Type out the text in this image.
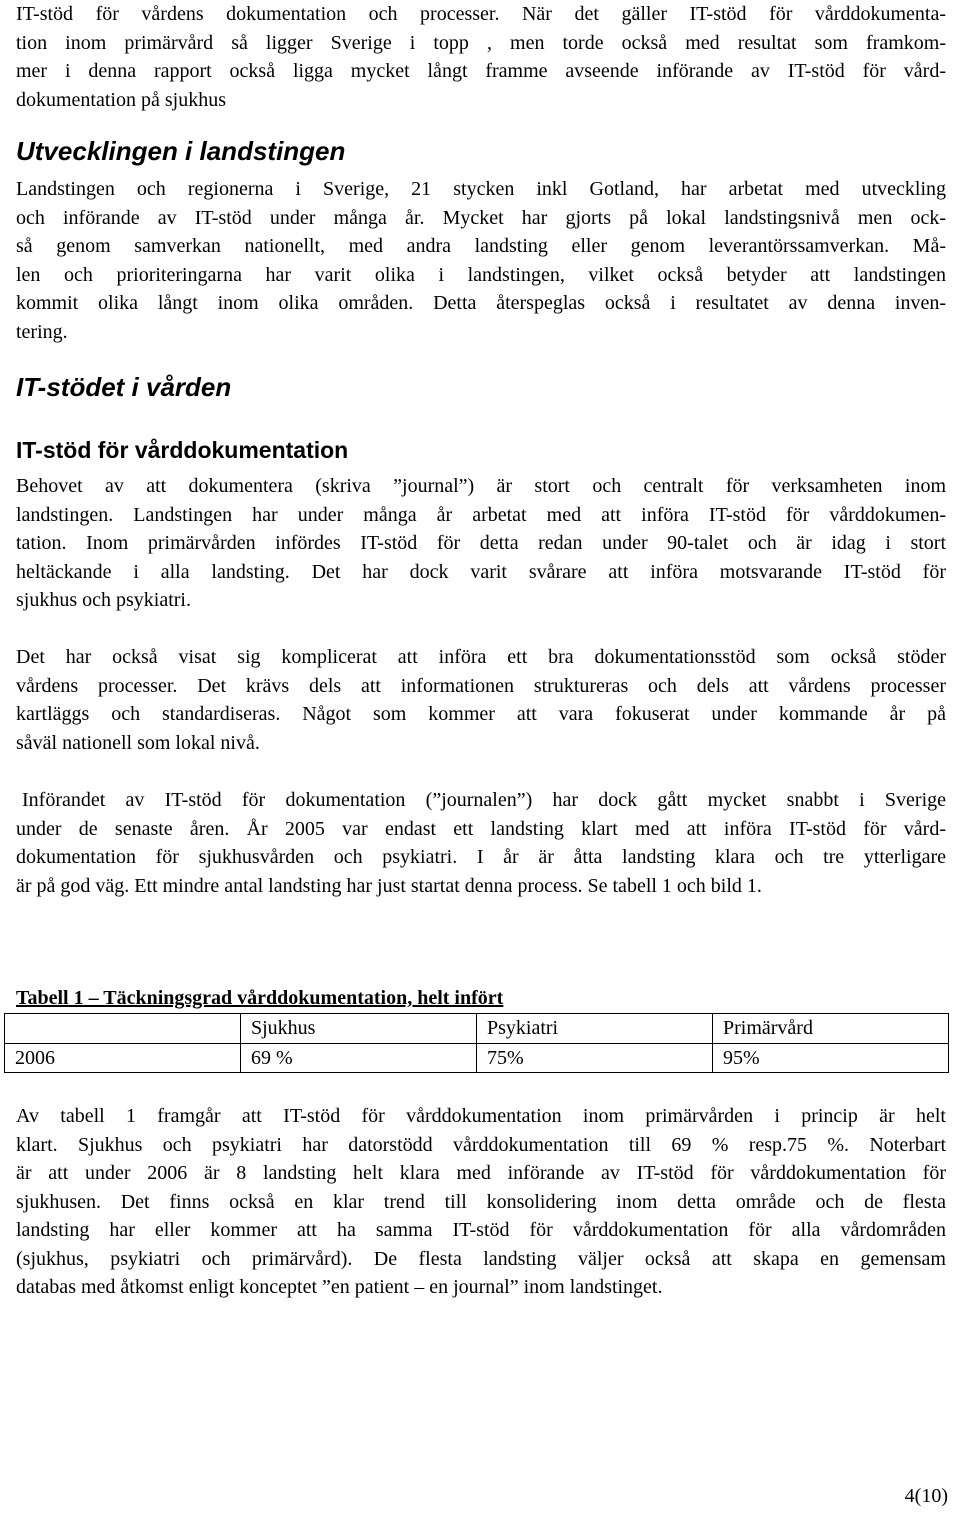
IT-stöd för vårdens dokumentation och processer. När det gäller IT-stöd för vårddokumenta-
tion inom primärvård så ligger Sverige i topp , men torde också med resultat som framkom-
mer i denna rapport också ligga mycket långt framme avseende införande av IT-stöd för vård-
dokumentation på sjukhus
Utvecklingen i landstingen
Landstingen och regionerna i Sverige, 21 stycken inkl Gotland, har arbetat med utveckling
och införande av IT-stöd under många år. Mycket har gjorts på lokal landstingsnivå men ock-
så genom samverkan nationellt, med andra landsting eller genom leverantörssamverkan. Må-
len och prioriteringarna har varit olika i landstingen, vilket också betyder att landstingen
kommit olika långt inom olika områden. Detta återspeglas också i resultatet av denna inven-
tering.
IT-stödet i vården
IT-stöd för vårddokumentation
Behovet av att dokumentera (skriva ”journal”) är stort och centralt för verksamheten inom
landstingen. Landstingen har under många år arbetat med att införa IT-stöd för vårddokumen-
tation. Inom primärvården infördes IT-stöd för detta redan under 90-talet och är idag i stort
heltäckande i alla landsting. Det har dock varit svårare att införa motsvarande IT-stöd för
sjukhus och psykiatri.
Det har också visat sig komplicerat att införa ett bra dokumentationsstöd som också stöder
vårdens processer. Det krävs dels att informationen struktureras och dels att vårdens processer
kartläggs och standardiseras. Något som kommer att vara fokuserat under kommande år på
såväl nationell som lokal nivå.
Införandet av IT-stöd för dokumentation (”journalen”) har dock gått mycket snabbt i Sverige
under de senaste åren. År 2005 var endast ett landsting klart med att införa IT-stöd för vård-
dokumentation för sjukhusvården och psykiatri. I år är åtta landsting klara och tre ytterligare
är på god väg. Ett mindre antal landsting har just startat denna process. Se tabell 1 och bild 1.

Tabell 1 – Täckningsgrad vårddokumentation, helt infört

	Sjukhus	Psykiatri	Primärvård
2006	69 %	75%	95%
Av tabell 1 framgår att IT-stöd för vårddokumentation inom primärvården i princip är helt
klart. Sjukhus och psykiatri har datorstödd vårddokumentation till 69 % resp.75 %. Noterbart
är att under 2006 är 8 landsting helt klara med införande av IT-stöd för vårddokumentation för
sjukhusen. Det finns också en klar trend till konsolidering inom detta område och de flesta
landsting har eller kommer att ha samma IT-stöd för vårddokumentation för alla vårdområden
(sjukhus, psykiatri och primärvård). De flesta landsting väljer också att skapa en gemensam
databas med åtkomst enligt konceptet ”en patient – en journal” inom landstinget.
4(10)
